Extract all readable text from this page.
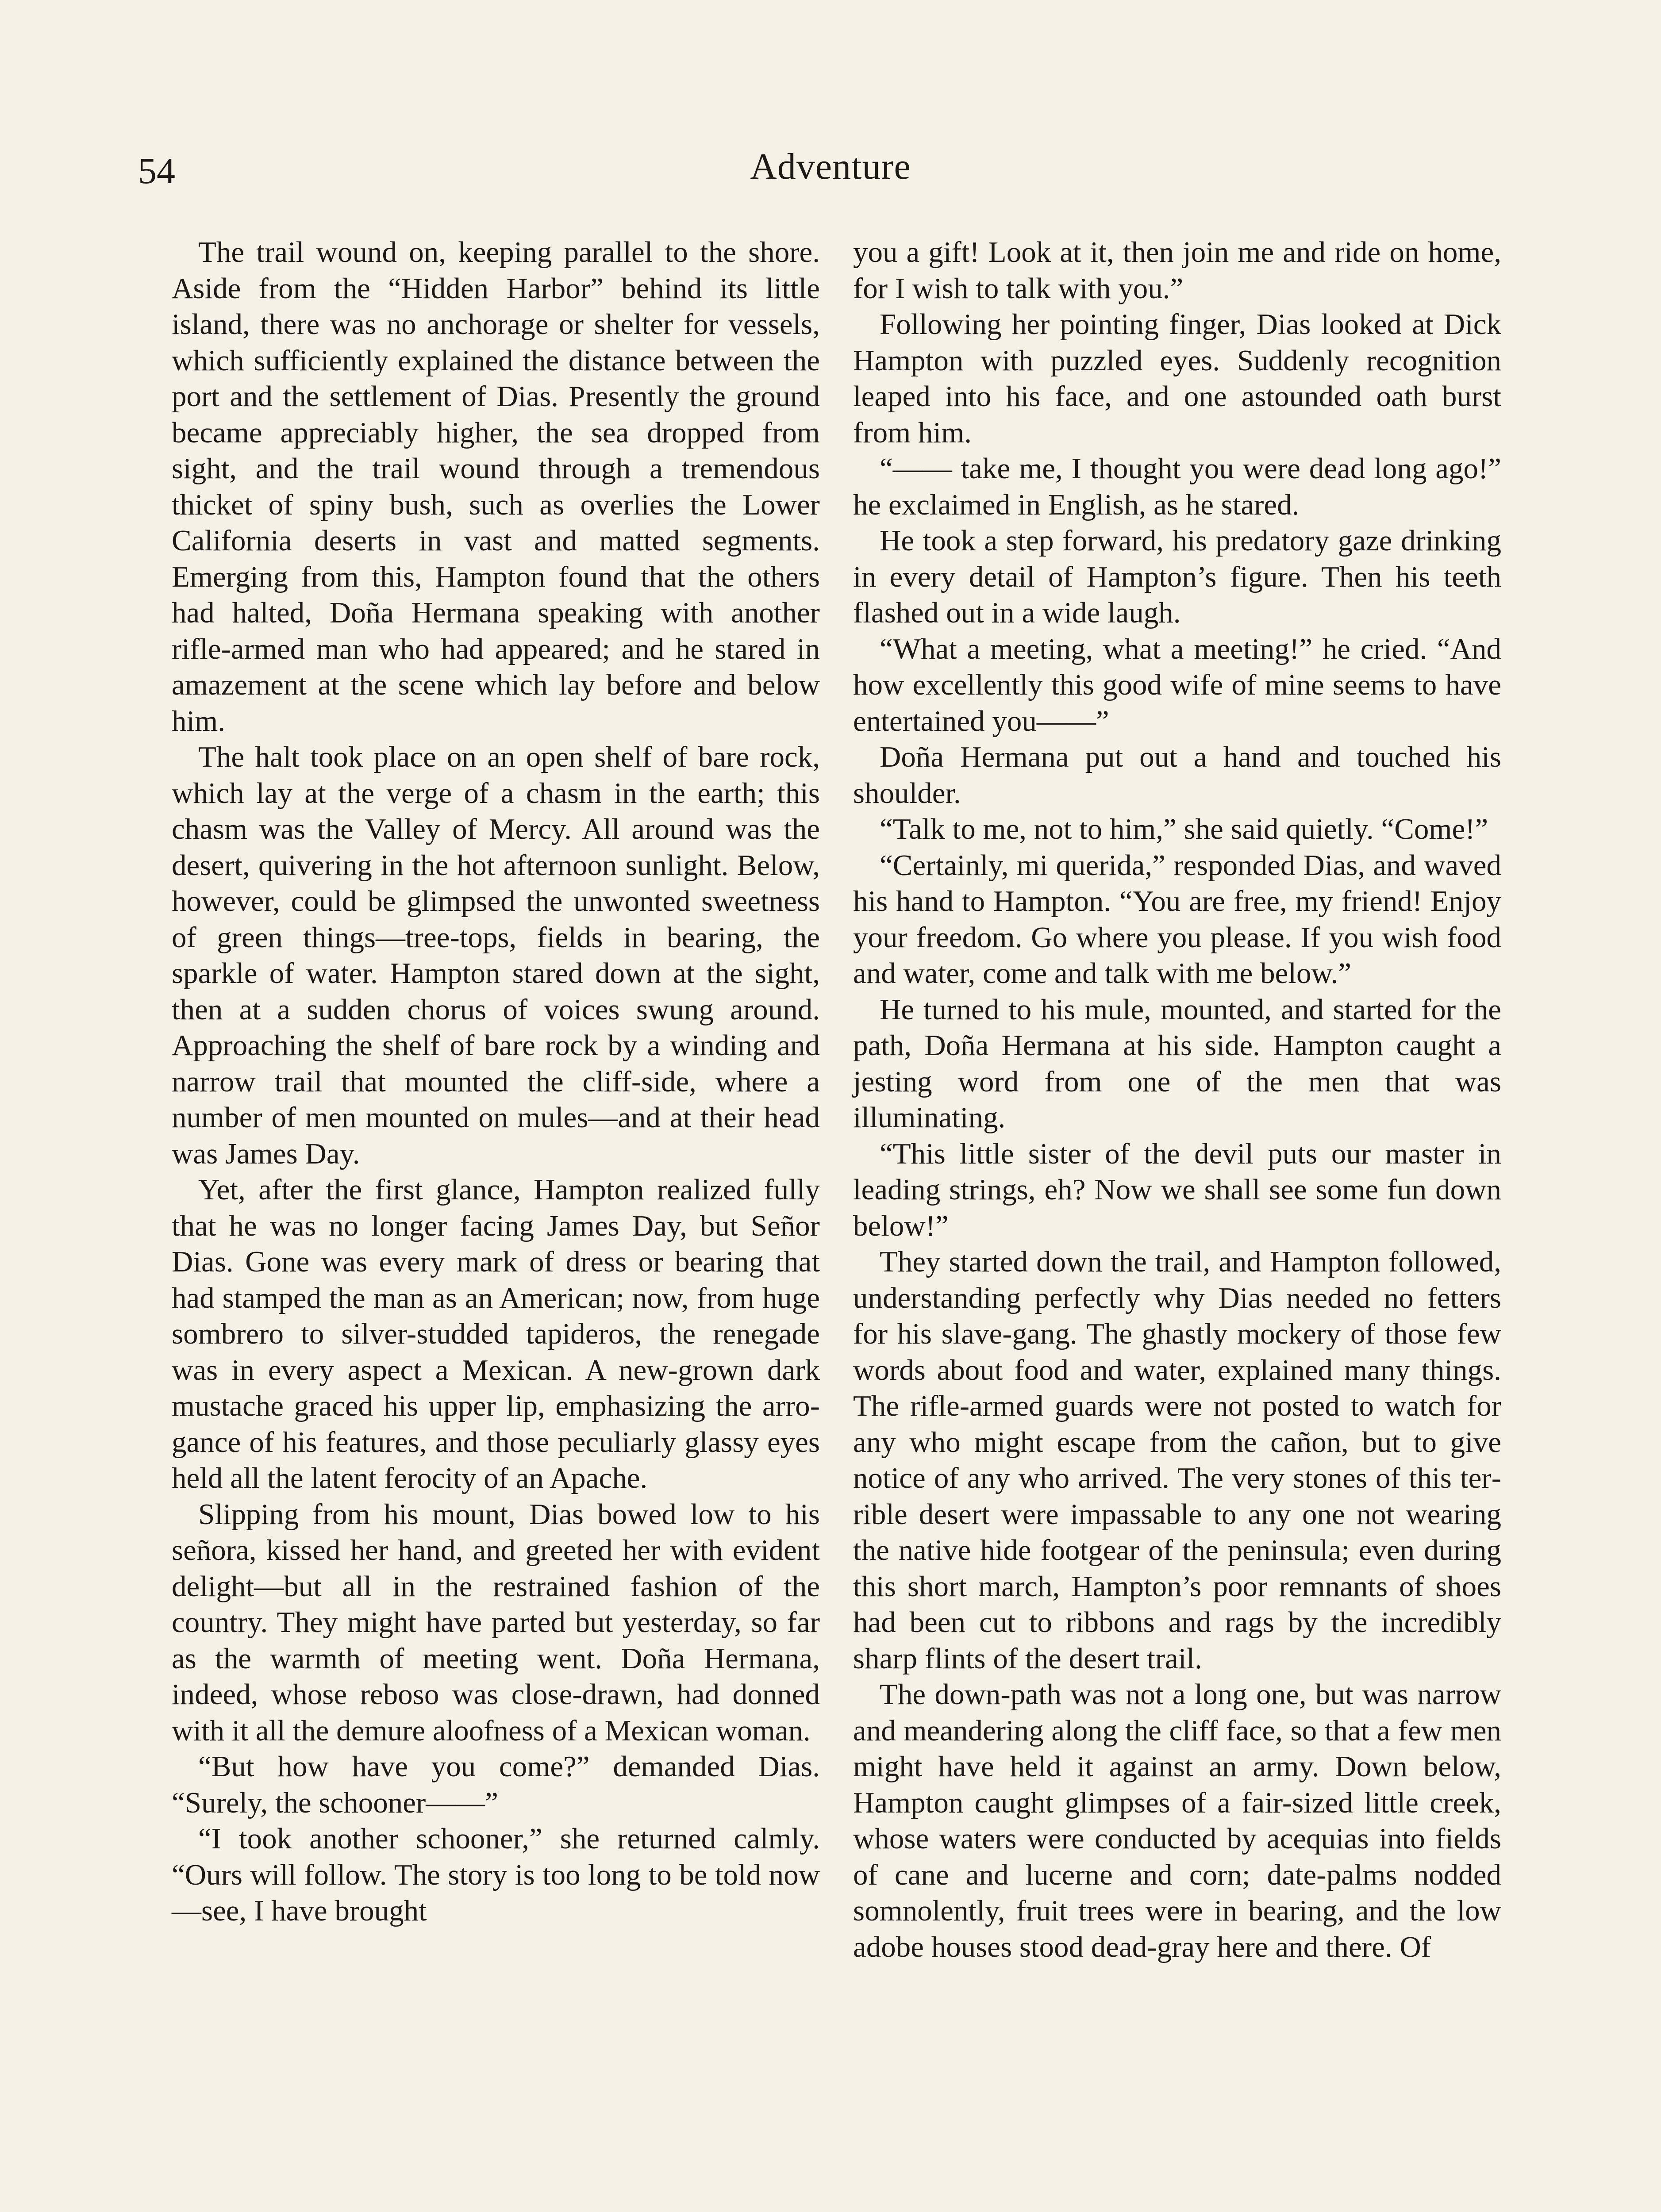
54	Adventure

The trail wound on, keeping parallel to the shore. Aside from the “Hidden Harbor” behind its little island, there was no anchorage or shelter for vessels, which sufficiently explained the distance between the port and the settlement of Dias. Presently the ground became appreciably higher, the sea dropped from sight, and the trail wound through a tremendous thicket of spiny bush, such as overlies the Lower California deserts in vast and matted segments. Emerging from this, Hampton found that the others had halted, Doña Hermana speaking with another rifle-armed man who had appeared; and he stared in amazement at the scene which lay before and below him.

The halt took place on an open shelf of bare rock, which lay at the verge of a chasm in the earth; this chasm was the Valley of Mercy. All around was the desert, quivering in the hot afternoon sunlight. Below, however, could be glimpsed the unwonted sweetness of green things—tree-tops, fields in bearing, the sparkle of water. Hampton stared down at the sight, then at a sudden chorus of voices swung around. Approaching the shelf of bare rock by a winding and narrow trail that mounted the cliff-side, where a number of men mounted on mules—and at their head was James Day.

Yet, after the first glance, Hampton realized fully that he was no longer facing James Day, but Señor Dias. Gone was every mark of dress or bearing that had stamped the man as an American; now, from huge sombrero to silver-studded tapideros, the renegade was in every aspect a Mexican. A new-grown dark mustache graced his upper lip, emphasizing the arrogance of his features, and those peculiarly glassy eyes held all the latent ferocity of an Apache.

Slipping from his mount, Dias bowed low to his señora, kissed her hand, and greeted her with evident delight—but all in the restrained fashion of the country. They might have parted but yesterday, so far as the warmth of meeting went. Doña Hermana, indeed, whose reboso was close-drawn, had donned with it all the demure aloofness of a Mexican woman.

“But how have you come?” demanded Dias. “Surely, the schooner——”

“I took another schooner,” she returned calmly. “Ours will follow. The story is too long to be told now—see, I have brought

you a gift! Look at it, then join me and ride on home, for I wish to talk with you.”

Following her pointing finger, Dias looked at Dick Hampton with puzzled eyes. Suddenly recognition leaped into his face, and one astounded oath burst from him.

“—— take me, I thought you were dead long ago!” he exclaimed in English, as he stared.

He took a step forward, his predatory gaze drinking in every detail of Hampton’s figure. Then his teeth flashed out in a wide laugh.

“What a meeting, what a meeting!” he cried. “And how excellently this good wife of mine seems to have entertained you——”

Doña Hermana put out a hand and touched his shoulder.

“Talk to me, not to him,” she said quietly. “Come!”

“Certainly, mi querida,” responded Dias, and waved his hand to Hampton. “You are free, my friend! Enjoy your freedom. Go where you please. If you wish food and water, come and talk with me below.”

He turned to his mule, mounted, and started for the path, Doña Hermana at his side. Hampton caught a jesting word from one of the men that was illuminating.

“This little sister of the devil puts our master in leading strings, eh? Now we shall see some fun down below!”

They started down the trail, and Hampton followed, understanding perfectly why Dias needed no fetters for his slave-gang. The ghastly mockery of those few words about food and water, explained many things. The rifle-armed guards were not posted to watch for any who might escape from the cañon, but to give notice of any who arrived. The very stones of this terrible desert were impassable to any one not wearing the native hide footgear of the peninsula; even during this short march, Hampton’s poor remnants of shoes had been cut to ribbons and rags by the incredibly sharp flints of the desert trail.

The down-path was not a long one, but was narrow and meandering along the cliff face, so that a few men might have held it against an army. Down below, Hampton caught glimpses of a fair-sized little creek, whose waters were conducted by acequias into fields of cane and lucerne and corn; date-palms nodded somnolently, fruit trees were in bearing, and the low adobe houses stood dead-gray here and there. Of
